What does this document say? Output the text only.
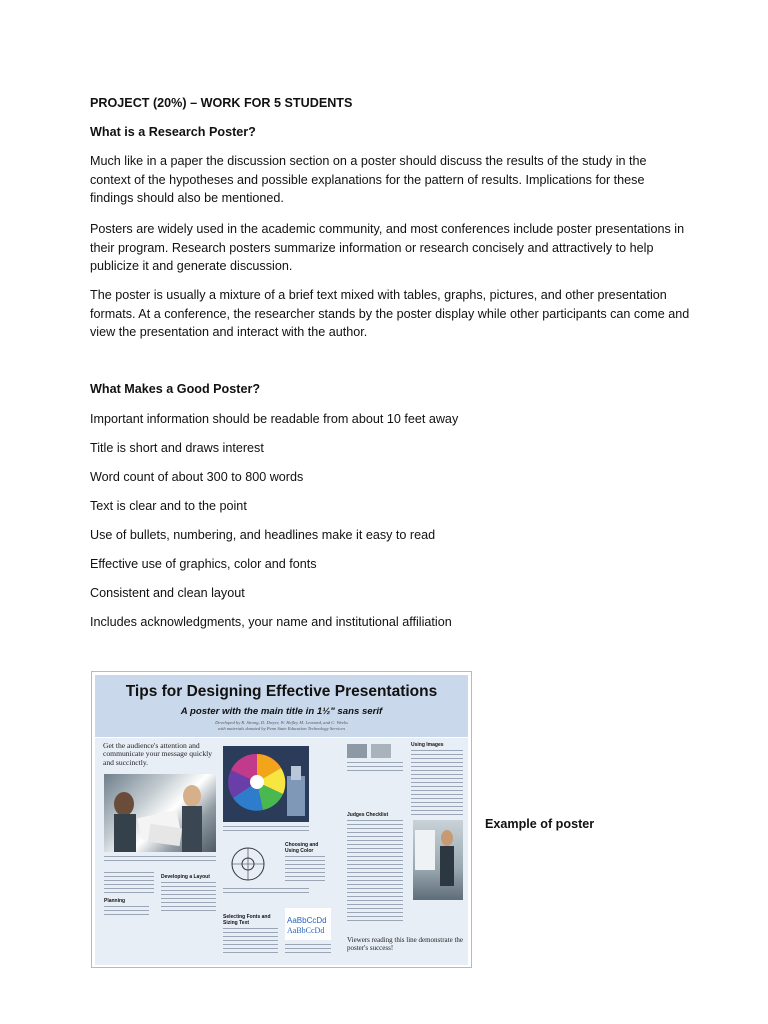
PROJECT (20%) – WORK FOR 5 STUDENTS
What is a Research Poster?
Much like in a paper the discussion section on a poster should discuss the results of the study in the context of the hypotheses and possible explanations for the pattern of results. Implications for these findings should also be mentioned.
Posters are widely used in the academic community, and most conferences include poster presentations in their program. Research posters summarize information or research concisely and attractively to help publicize it and generate discussion.
The poster is usually a mixture of a brief text mixed with tables, graphs, pictures, and other presentation formats. At a conference, the researcher stands by the poster display while other participants can come and view the presentation and interact with the author.
What Makes a Good Poster?
Important information should be readable from about 10 feet away
Title is short and draws interest
Word count of about 300 to 800 words
Text is clear and to the point
Use of bullets, numbering, and headlines make it easy to read
Effective use of graphics, color and fonts
Consistent and clean layout
Includes acknowledgments, your name and institutional affiliation
Tips for Designing Effective Presentations
A poster with the main title in 1½" sans serif
Developed by R. Strong, D. Dwyer, W. Hefley M. Leonard, and C. Weeks
with materials donated by Penn State Education Technology Services
Get the audience's attention and communicate your message quickly and succinctly.
Planning
Developing a Layout
Choosing and Using Color
Selecting Fonts and Sizing Text	AaBbCcDd
AaBbCcDd
Using Images
Judges Checklist
Viewers reading this line demonstrate the poster's success!
Example of poster
